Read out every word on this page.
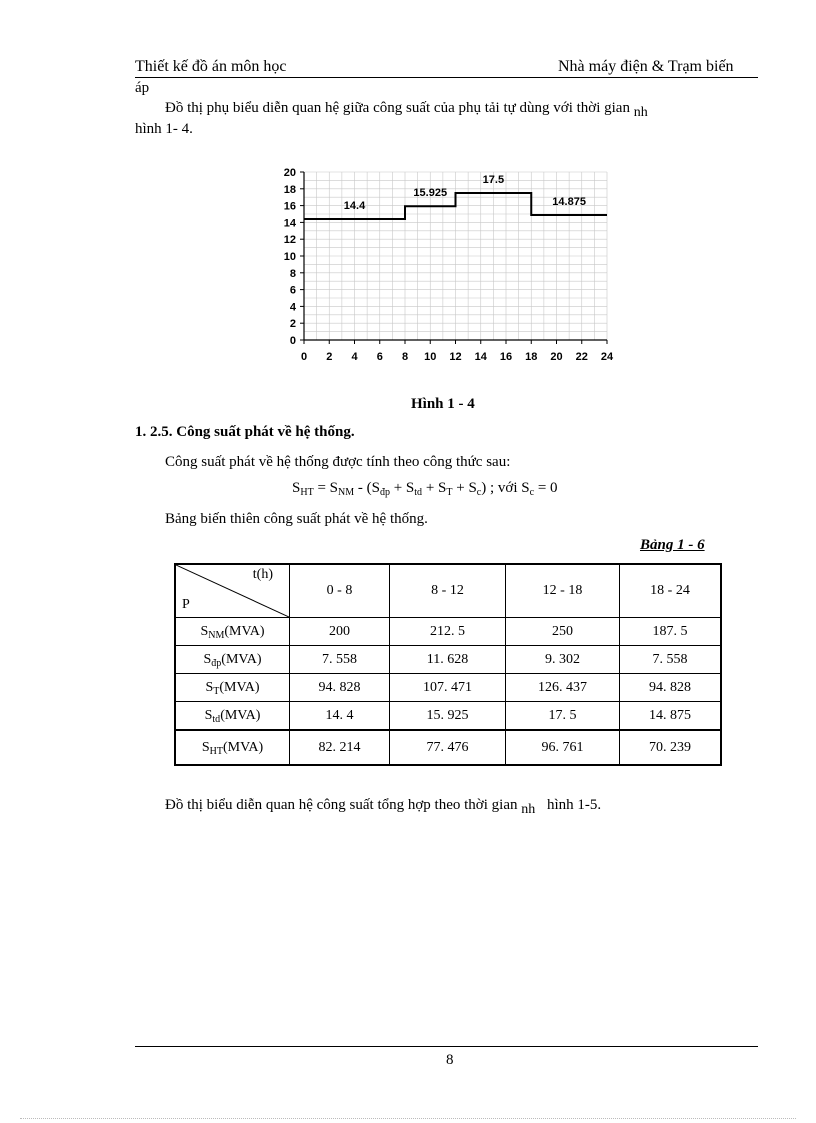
Thiết kế đồ án môn học	Nhà máy điện & Trạm biến
áp
Đồ thị phụ biểu diễn quan hệ giữa công suất của phụ tải tự dùng với thời gian nh
hình 1- 4.
0
2
4
6
8
10
12
14
16
18
20
0 2 4 6 8 10 12 14 16 18 20 22 24
14.4
15.925
17.5
14.875
Hình 1 - 4
1. 2.5. Công suất phát về hệ thống.
Công suất phát về hệ thống được tính theo công thức sau:
$S_{HT} = S_{NM} - (S_{đp} + S_{td} + S_T + S_c)$ ; với $S_c = 0$
Bảng biến thiên công suất phát về hệ thống.
Bảng 1 - 6
t(h)
P	0 - 8	8 - 12	12 - 18	18 - 24
$S_{NM}(MVA)$	200	212. 5	250	187. 5
$S_{đp}(MVA)$	7. 558	11. 628	9. 302	7. 558
$S_T(MVA)$	94. 828	107. 471	126. 437	94. 828
$S_{td}(MVA)$	14. 4	15. 925	17. 5	14. 875
$S_{HT}(MVA)$	82. 214	77. 476	96. 761	70. 239
Đồ thị biểu diễn quan hệ công suất tổng hợp theo thời gian nh hình 1-5.
8
